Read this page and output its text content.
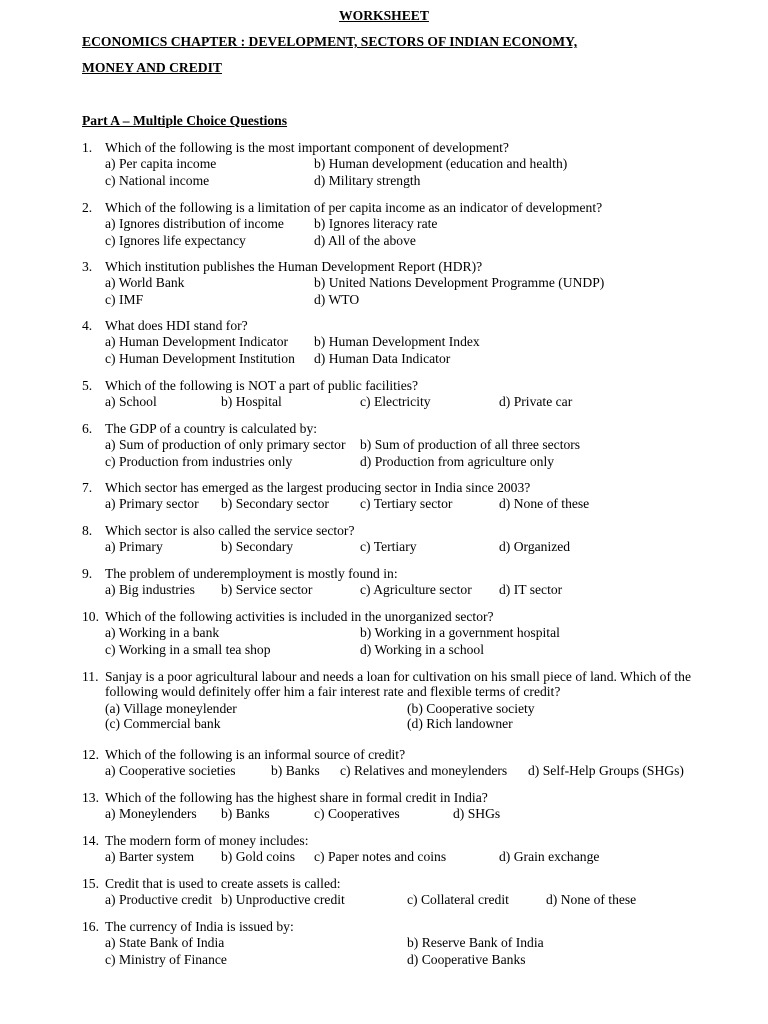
WORKSHEET
ECONOMICS CHAPTER : DEVELOPMENT, SECTORS OF INDIAN ECONOMY,
MONEY AND CREDIT
Part A – Multiple Choice Questions
1. Which of the following is the most important component of development?
a) Per capita income	b) Human development (education and health)
c) National income	d) Military strength
2. Which of the following is a limitation of per capita income as an indicator of development?
a) Ignores distribution of income b) Ignores literacy rate
c) Ignores life expectancy	d) All of the above
3. Which institution publishes the Human Development Report (HDR)?
a) World Bank	b) United Nations Development Programme (UNDP)
c) IMF	d) WTO
4. What does HDI stand for?
a) Human Development Indicator b) Human Development Index
c) Human Development Institution d) Human Data Indicator
5. Which of the following is NOT a part of public facilities?
a) School	b) Hospital	c) Electricity	d) Private car
6. The GDP of a country is calculated by:
a) Sum of production of only primary sector b) Sum of production of all three sectors
c) Production from industries only	d) Production from agriculture only
7. Which sector has emerged as the largest producing sector in India since 2003?
a) Primary sector b) Secondary sector c) Tertiary sector	d) None of these
8. Which sector is also called the service sector?
a) Primary	b) Secondary	c) Tertiary	d) Organized
9. The problem of underemployment is mostly found in:
a) Big industries b) Service sector	c) Agriculture sector d) IT sector
10. Which of the following activities is included in the unorganized sector?
a) Working in a bank	b) Working in a government hospital
c) Working in a small tea shop	d) Working in a school
11. Sanjay is a poor agricultural labour and needs a loan for cultivation on his small piece of land. Which of the following would definitely offer him a fair interest rate and flexible terms of credit?
(a) Village moneylender	(b) Cooperative society
(c) Commercial bank	(d) Rich landowner
12. Which of the following is an informal source of credit?
a) Cooperative societies	b) Banks c) Relatives and moneylenders d) Self-Help Groups (SHGs)
13. Which of the following has the highest share in formal credit in India?
a) Moneylenders b) Banks	c) Cooperatives	d) SHGs
14. The modern form of money includes:
a) Barter system b) Gold coins c) Paper notes and coins	d) Grain exchange
15. Credit that is used to create assets is called:
a) Productive credit b) Unproductive credit	c) Collateral credit	d) None of these
16. The currency of India is issued by:
a) State Bank of India	b) Reserve Bank of India
c) Ministry of Finance	d) Cooperative Banks
